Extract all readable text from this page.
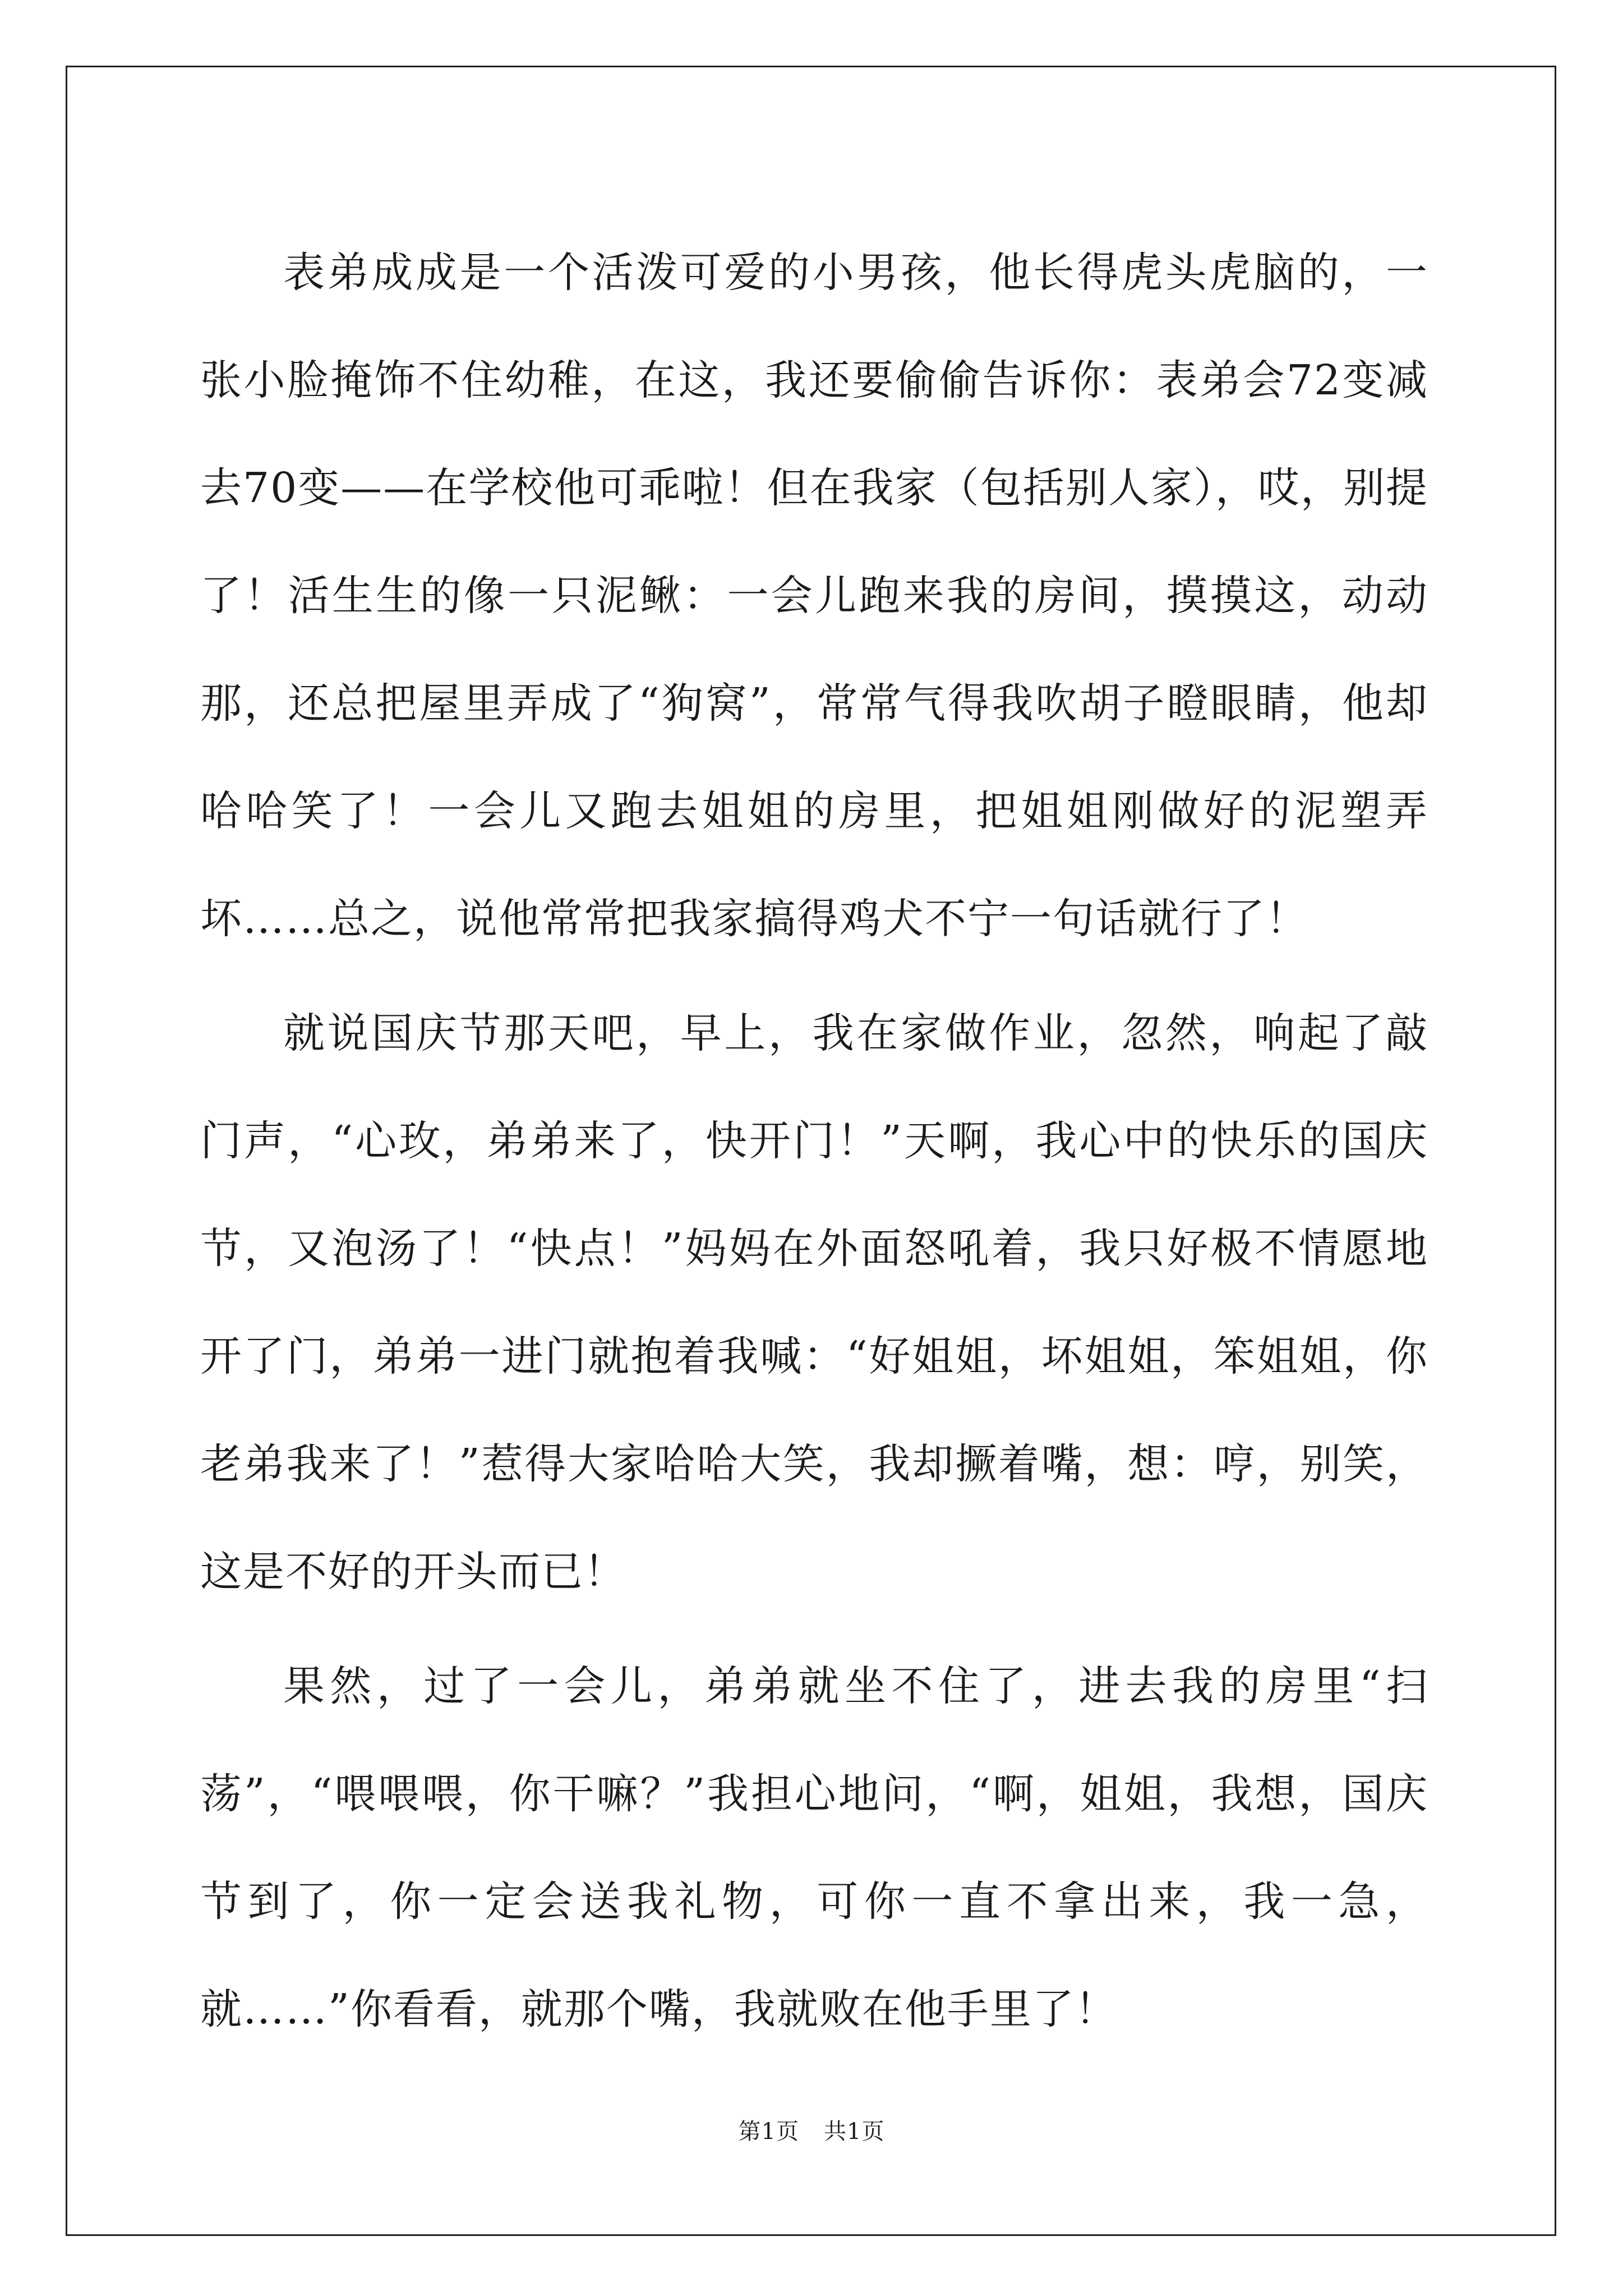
表弟成成是一个活泼可爱的小男孩，他长得虎头虎脑的，一张小脸掩饰不住幼稚，在这，我还要偷偷告诉你：表弟会72变减去70变——在学校他可乖啦！但在我家（包括别人家），哎，别提了！活生生的像一只泥鳅：一会儿跑来我的房间，摸摸这，动动那，还总把屋里弄成了“狗窝”，常常气得我吹胡子瞪眼睛，他却哈哈笑了！一会儿又跑去姐姐的房里，把姐姐刚做好的泥塑弄坏……总之，说他常常把我家搞得鸡犬不宁一句话就行了！

就说国庆节那天吧，早上，我在家做作业，忽然，响起了敲门声，“心玫，弟弟来了，快开门！”天啊，我心中的快乐的国庆节，又泡汤了！“快点！”妈妈在外面怒吼着，我只好极不情愿地开了门，弟弟一进门就抱着我喊：“好姐姐，坏姐姐，笨姐姐，你老弟我来了！”惹得大家哈哈大笑，我却撅着嘴，想：哼，别笑，这是不好的开头而已！

果然，过了一会儿，弟弟就坐不住了，进去我的房里“扫荡”，“喂喂喂，你干嘛？”我担心地问，“啊，姐姐，我想，国庆节到了，你一定会送我礼物，可你一直不拿出来，我一急，就……”你看看，就那个嘴，我就败在他手里了！

第1页 共1页
